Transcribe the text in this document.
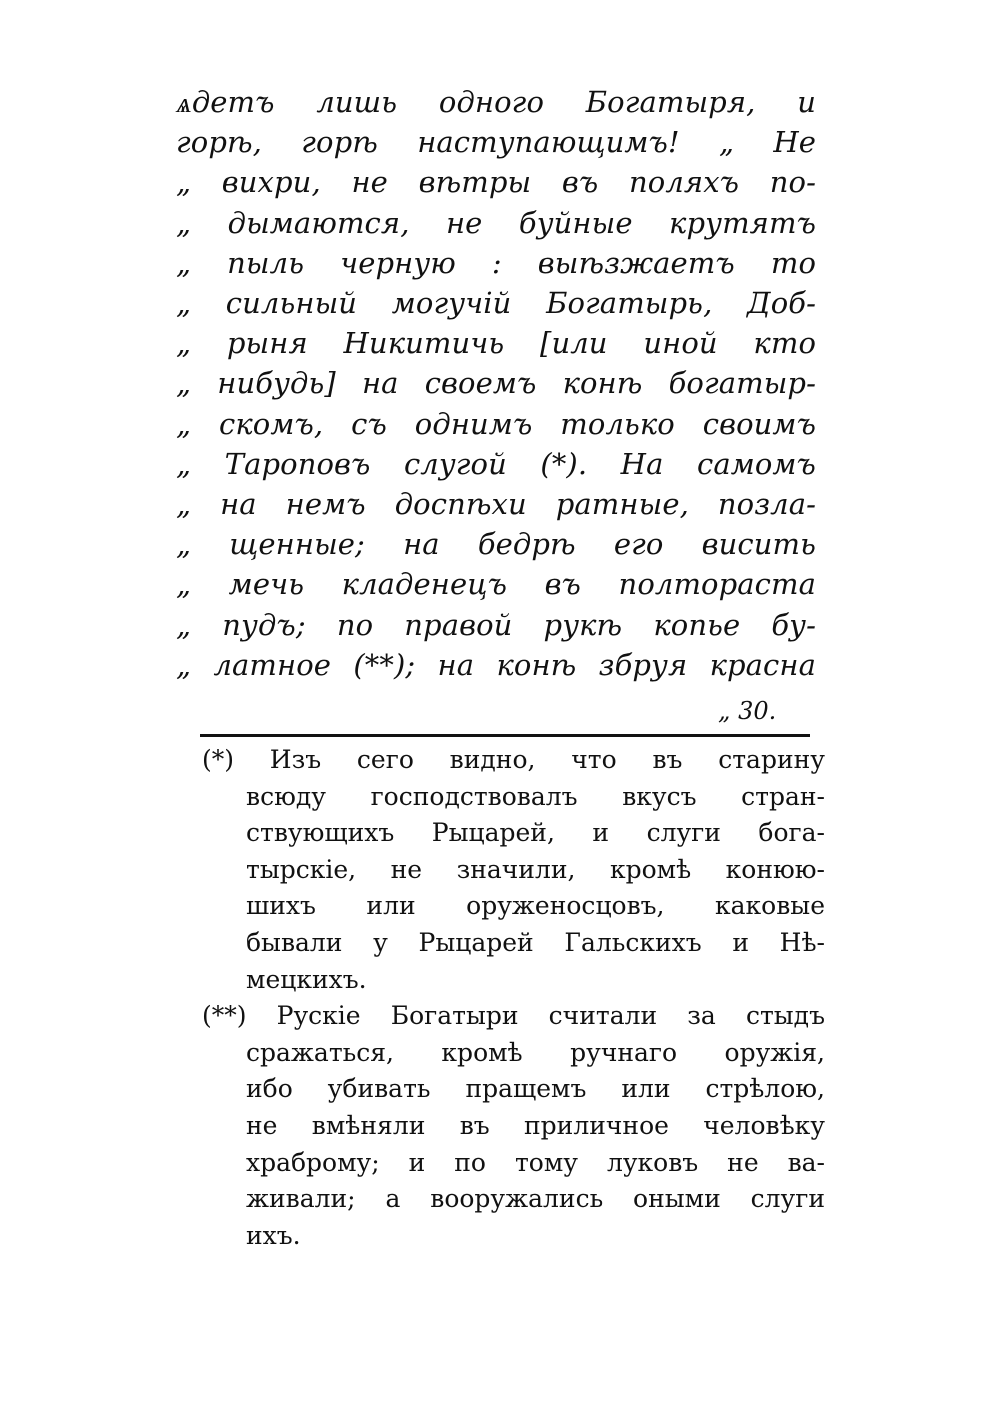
ѧдетъ лишь одного Богатыря, и
горѣ, горѣ наступающимъ! „ Не
„ вихри, не вѣтры въ поляхъ по-
„ дымаются, не буйные крутятъ
„ пыль черную : выѣзжаетъ то
„ сильный могучій Богатырь, Доб-
„ рыня Никитичь [или иной кто
„ нибудь] на своемъ конѣ богатыр-
„ скомъ, съ однимъ только своимъ
„ Тароповъ слугой (*). На самомъ
„ на немъ доспѣхи ратные, позла-
„ щенные; на бедрѣ его висить
„ мечь кладенецъ въ полтораста
„ пудъ; по правой рукѣ копье бу-
„ латное (**); на конѣ збруя красна
„ 30.
(*) Изъ сего видно, что въ старину
всюду господствовалъ вкусъ стран-
ствующихъ Рыцарей, и слуги бога-
тырскіе, не значили, кромѣ конюю-
шихъ или оруженосцовъ, каковые
бывали у Рыцарей Гальскихъ и Нѣ-
мецкихъ.
(**) Рускіе Богатыри считали за стыдъ
сражаться, кромѣ ручнаго оружія,
ибо убивать пращемъ или стрѣлою,
не вмѣняли въ приличное человѣку
храброму; и по тому луковъ не ва-
живали; а вооружались оными слуги
ихъ.
